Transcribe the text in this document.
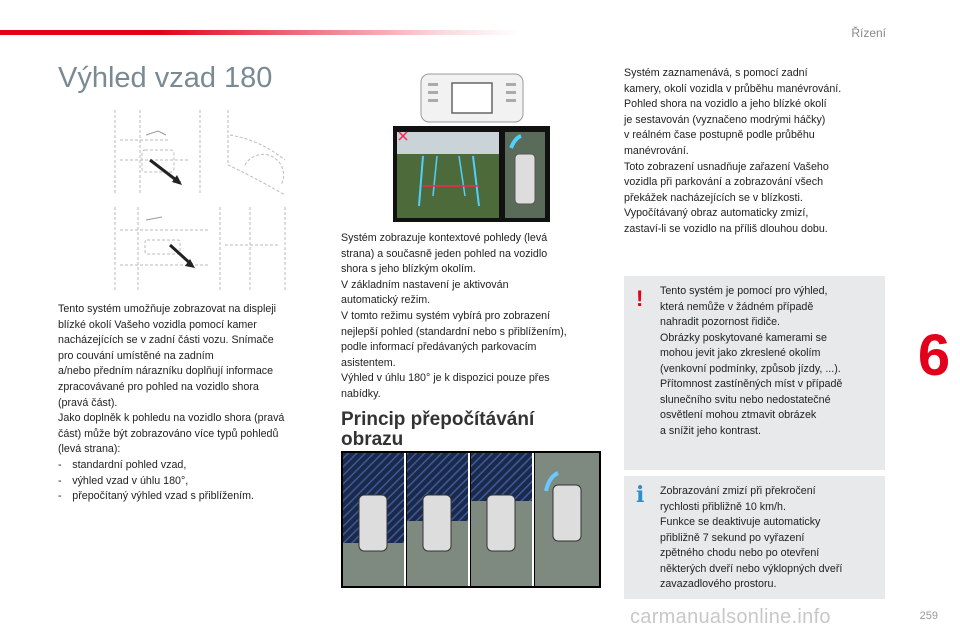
Řízení
6
Výhled vzad 180
Tento systém umožňuje zobrazovat na displeji
blízké okolí Vašeho vozidla pomocí kamer
nacházejících se v zadní části vozu. Snímače
pro couvání umístěné na zadním
a/nebo předním nárazníku doplňují informace
zpracovávané pro pohled na vozidlo shora
(pravá část).
Jako doplněk k pohledu na vozidlo shora (pravá
část) může být zobrazováno více typů pohledů
(levá strana):
- standardní pohled vzad,
- výhled vzad v úhlu 180°,
- přepočítaný výhled vzad s přiblížením.
Systém zobrazuje kontextové pohledy (levá
strana) a současně jeden pohled na vozidlo
shora s jeho blízkým okolím.
V základním nastavení je aktivován
automatický režim.
V tomto režimu systém vybírá pro zobrazení
nejlepší pohled (standardní nebo s přiblížením),
podle informací předávaných parkovacím
asistentem.
Výhled v úhlu 180° je k dispozici pouze přes
nabídky.
Princip přepočítávání
obrazu
Systém zaznamenává, s pomocí zadní
kamery, okolí vozidla v průběhu manévrování.
Pohled shora na vozidlo a jeho blízké okolí
je sestavován (vyznačeno modrými háčky)
v reálném čase postupně podle průběhu
manévrování.
Toto zobrazení usnadňuje zařazení Vašeho
vozidla při parkování a zobrazování všech
překážek nacházejících se v blízkosti.
Vypočítávaný obraz automaticky zmizí,
zastaví-li se vozidlo na příliš dlouhou dobu.
! Tento systém je pomocí pro výhled,
která nemůže v žádném případě
nahradit pozornost řidiče.
Obrázky poskytované kamerami se
mohou jevit jako zkreslené okolím
(venkovní podmínky, způsob jízdy, ...).
Přítomnost zastíněných míst v případě
slunečního svitu nebo nedostatečné
osvětlení mohou ztmavit obrázek
a snížit jeho kontrast.
i Zobrazování zmizí při překročení
rychlosti přibližně 10 km/h.
Funkce se deaktivuje automaticky
přibližně 7 sekund po vyřazení
zpětného chodu nebo po otevření
některých dveří nebo výklopných dveří
zavazadlového prostoru.
carmanualsonline.info	259
